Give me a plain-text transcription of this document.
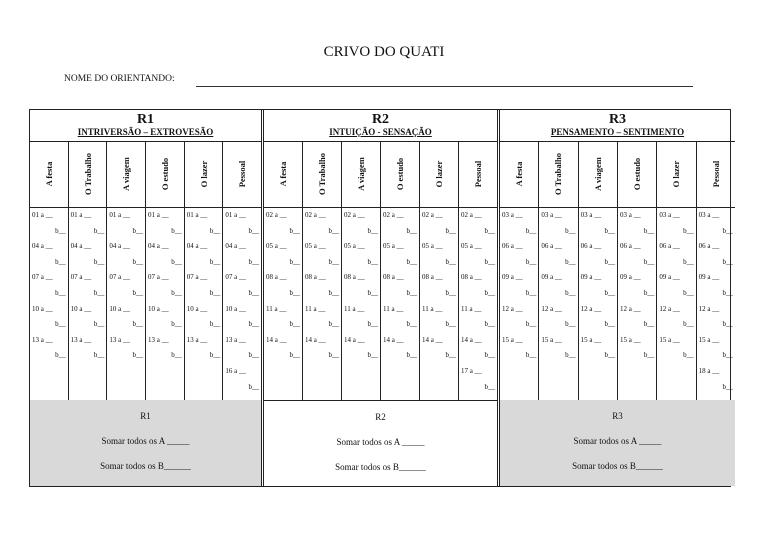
CRIVO DO QUATI
NOME DO ORIENTANDO:
R1
INTRIVERSÃO – EXTROVESÃO
A festa
01 a __
b__
04 a __
b__
07 a __
b__
10 a __
b__
13 a __
b__
O Trabalho
01 a __
b__
04 a __
b__
07 a __
b__
10 a __
b__
13 a __
b__
A viagem
01 a __
b__
04 a __
b__
07 a __
b__
10 a __
b__
13 a __
b__
O estudo
01 a __
b__
04 a __
b__
07 a __
b__
10 a __
b__
13 a __
b__
O lazer
01 a __
b__
04 a __
b__
07 a __
b__
10 a __
b__
13 a __
b__
Pessoal
01 a __
b__
04 a __
b__
07 a __
b__
10 a __
b__
13 a __
b__
16 a __
b__
R1
Somar todos os A _____
Somar todos os B______
R2
INTUIÇÃO - SENSAÇÃO
A festa
02 a __
b__
05 a __
b__
08 a __
b__
11 a __
b__
14 a __
b__
O Trabalho
02 a __
b__
05 a __
b__
08 a __
b__
11 a __
b__
14 a __
b__
A viagem
02 a __
b__
05 a __
b__
08 a __
b__
11 a __
b__
14 a __
b__
O estudo
02 a __
b__
05 a __
b__
08 a __
b__
11 a __
b__
14 a __
b__
O lazer
02 a __
b__
05 a __
b__
08 a __
b__
11 a __
b__
14 a __
b__
Pessoal
02 a __
b__
05 a __
b__
08 a __
b__
11 a __
b__
14 a __
b__
17 a __
b__
R2
Somar todos os A _____
Somar todos os B______
R3
PENSAMENTO – SENTIMENTO
A festa
03 a __
b__
06 a __
b__
09 a __
b__
12 a __
b__
15 a __
b__
O Trabalho
03 a __
b__
06 a __
b__
09 a __
b__
12 a __
b__
15 a __
b__
A viagem
03 a __
b__
06 a __
b__
09 a __
b__
12 a __
b__
15 a __
b__
O estudo
03 a __
b__
06 a __
b__
09 a __
b__
12 a __
b__
15 a __
b__
O lazer
03 a __
b__
06 a __
b__
09 a __
b__
12 a __
b__
15 a __
b__
Pessoal
03 a __
b__
06 a __
b__
09 a __
b__
12 a __
b__
15 a __
b__
18 a __
b__
R3
Somar todos os A _____
Somar todos os B______
